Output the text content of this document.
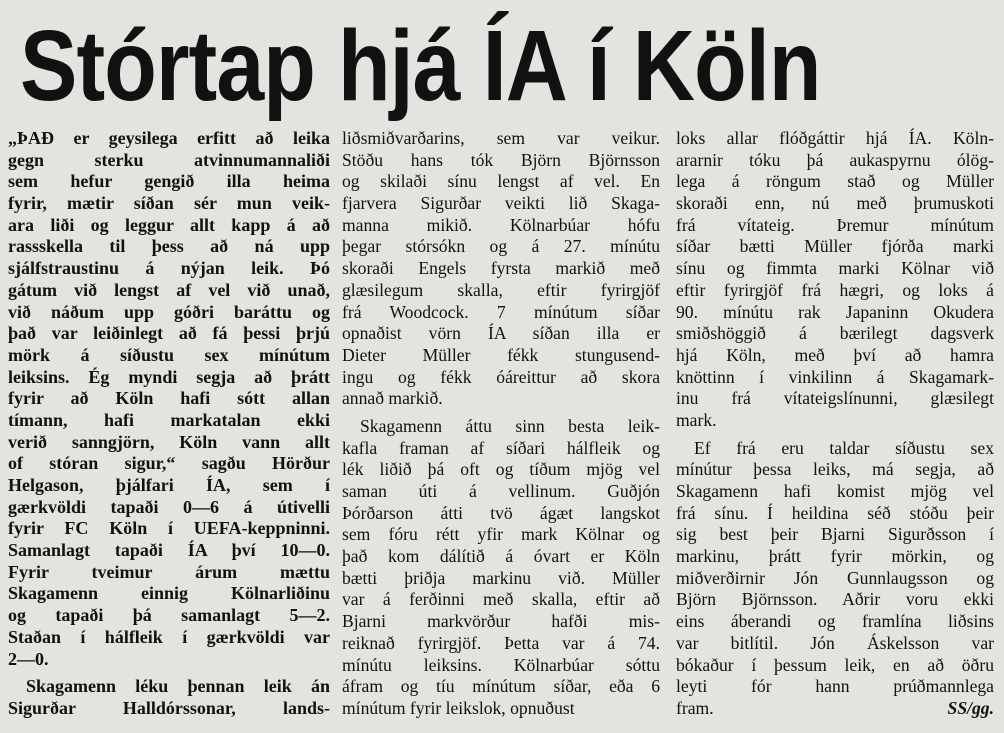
Stórtap hjá ÍA í Köln
„ÞAÐ er geysilega erfitt að leika
gegn sterku atvinnumannaliði
sem hefur gengið illa heima
fyrir, mætir síðan sér mun veik-
ara liði og leggur allt kapp á að
rassskella til þess að ná upp
sjálfstraustinu á nýjan leik. Þó
gátum við lengst af vel við unað,
við náðum upp góðri baráttu og
það var leiðinlegt að fá þessi þrjú
mörk á síðustu sex mínútum
leiksins. Ég myndi segja að þrátt
fyrir að Köln hafi sótt allan
tímann, hafi markatalan ekki
verið sanngjörn, Köln vann allt
of stóran sigur,“ sagðu Hörður
Helgason, þjálfari ÍA, sem í
gærkvöldi tapaði 0—6 á útivelli
fyrir FC Köln í UEFA-keppninni.
Samanlagt tapaði ÍA því 10—0.
Fyrir tveimur árum mættu
Skagamenn einnig Kölnarliðinu
og tapaði þá samanlagt 5—2.
Staðan í hálfleik í gærkvöldi var
2—0.
Skagamenn léku þennan leik án
Sigurðar Halldórssonar, lands-
liðsmiðvarðarins, sem var veikur.
Stöðu hans tók Björn Björnsson
og skilaði sínu lengst af vel. En
fjarvera Sigurðar veikti lið Skaga-
manna mikið. Kölnarbúar hófu
þegar stórsókn og á 27. mínútu
skoraði Engels fyrsta markið með
glæsilegum skalla, eftir fyrirgjöf
frá Woodcock. 7 mínútum síðar
opnaðist vörn ÍA síðan illa er
Dieter Müller fékk stungusend-
ingu og fékk óáreittur að skora
annað markið.
Skagamenn áttu sinn besta leik-
kafla framan af síðari hálfleik og
lék liðið þá oft og tíðum mjög vel
saman úti á vellinum. Guðjón
Þórðarson átti tvö ágæt langskot
sem fóru rétt yfir mark Kölnar og
það kom dálítið á óvart er Köln
bætti þriðja markinu við. Müller
var á ferðinni með skalla, eftir að
Bjarni markvörður hafði mis-
reiknað fyrirgjöf. Þetta var á 74.
mínútu leiksins. Kölnarbúar sóttu
áfram og tíu mínútum síðar, eða 6
mínútum fyrir leikslok, opnuðust
loks allar flóðgáttir hjá ÍA. Köln-
ararnir tóku þá aukaspyrnu ólög-
lega á röngum stað og Müller
skoraði enn, nú með þrumuskoti
frá vítateig. Þremur mínútum
síðar bætti Müller fjórða marki
sínu og fimmta marki Kölnar við
eftir fyrirgjöf frá hægri, og loks á
90. mínútu rak Japaninn Okudera
smiðshöggið á bærilegt dagsverk
hjá Köln, með því að hamra
knöttinn í vinkilinn á Skagamark-
inu frá vítateigslínunni, glæsilegt
mark.
Ef frá eru taldar síðustu sex
mínútur þessa leiks, má segja, að
Skagamenn hafi komist mjög vel
frá sínu. Í heildina séð stóðu þeir
sig best þeir Bjarni Sigurðsson í
markinu, þrátt fyrir mörkin, og
miðverðirnir Jón Gunnlaugsson og
Björn Björnsson. Aðrir voru ekki
eins áberandi og framlína liðsins
var bitlítil. Jón Áskelsson var
bókaður í þessum leik, en að öðru
leyti fór hann prúðmannlega
fram.	SS/gg.
